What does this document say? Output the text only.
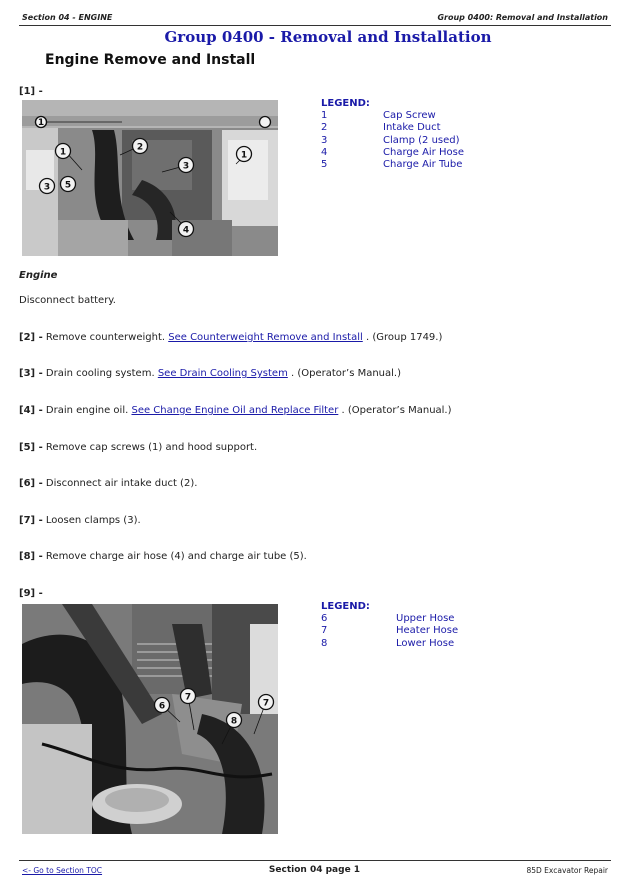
Section 04 - ENGINE	Group 0400: Removal and Installation
Group 0400 - Removal and Installation
Engine Remove and Install
[1] -
1
3 5
2
3
4
1
1
LEGEND:
1	Cap Screw
2	Intake Duct
3	Clamp (2 used)
4	Charge Air Hose
5	Charge Air Tube
Engine
Disconnect battery.
[2] - Remove counterweight. See Counterweight Remove and Install . (Group 1749.)
[3] - Drain cooling system. See Drain Cooling System . (Operator’s Manual.)
[4] - Drain engine oil. See Change Engine Oil and Replace Filter . (Operator’s Manual.)
[5] - Remove cap screws (1) and hood support.
[6] - Disconnect air intake duct (2).
[7] - Loosen clamps (3).
[8] - Remove charge air hose (4) and charge air tube (5).
[9] -
6
7
8
7
LEGEND:
6	Upper Hose
7	Heater Hose
8	Lower Hose
<- Go to Section TOC	Section 04 page 1	85D Excavator Repair
